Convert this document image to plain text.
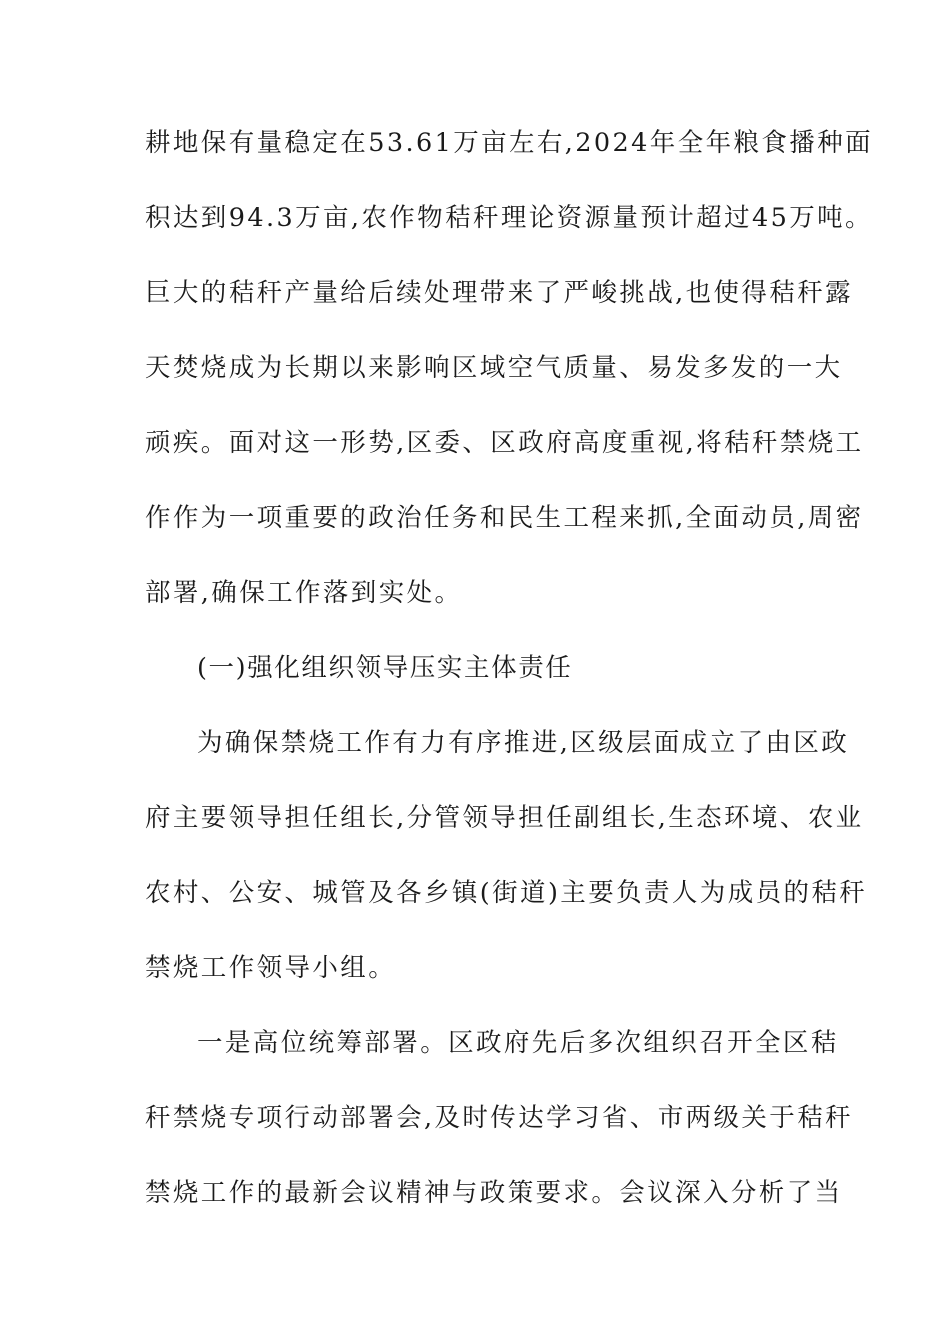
耕地保有量稳定在53.61万亩左右,2024年全年粮食播种面
积达到94.3万亩,农作物秸秆理论资源量预计超过45万吨。
巨大的秸秆产量给后续处理带来了严峻挑战,也使得秸秆露
天焚烧成为长期以来影响区域空气质量、易发多发的一大
顽疾。面对这一形势,区委、区政府高度重视,将秸秆禁烧工
作作为一项重要的政治任务和民生工程来抓,全面动员,周密
部署,确保工作落到实处。
(一)强化组织领导压实主体责任
为确保禁烧工作有力有序推进,区级层面成立了由区政
府主要领导担任组长,分管领导担任副组长,生态环境、农业
农村、公安、城管及各乡镇(街道)主要负责人为成员的秸秆
禁烧工作领导小组。
一是高位统筹部署。区政府先后多次组织召开全区秸
秆禁烧专项行动部署会,及时传达学习省、市两级关于秸秆
禁烧工作的最新会议精神与政策要求。会议深入分析了当
